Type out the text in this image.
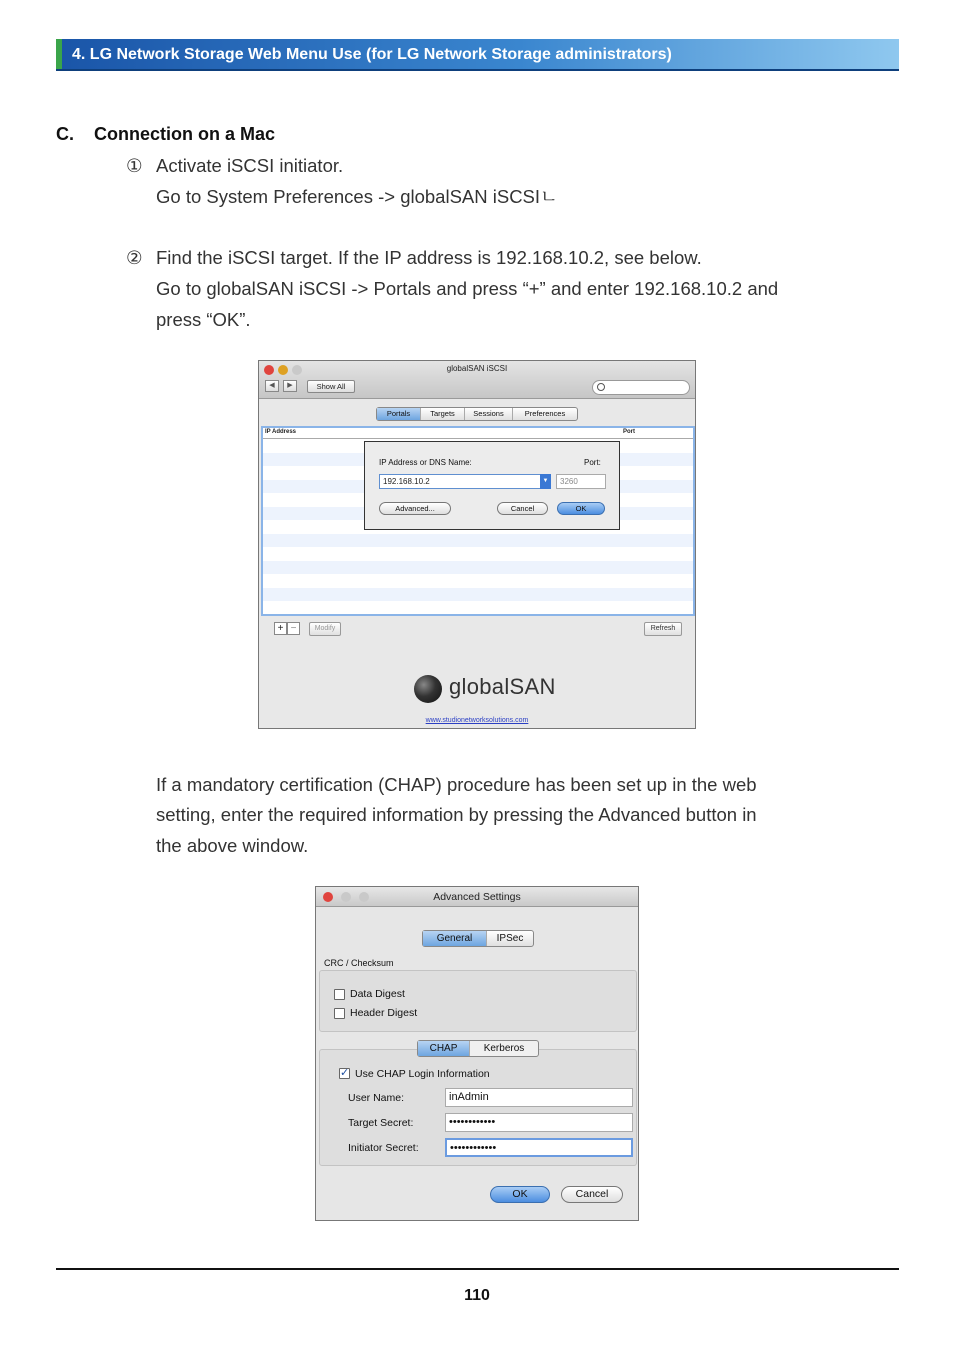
4. LG Network Storage Web Menu Use (for LG Network Storage administrators)
C. Connection on a Mac
① Activate iSCSI initiator.
Go to System Preferences -> globalSAN iSCSIㄴ
② Find the iSCSI target. If the IP address is 192.168.10.2, see below.
Go to globalSAN iSCSI -> Portals and press “+” and enter 192.168.10.2 and
press “OK”.
globalSAN iSCSI
◀	▶	Show All
Portals	Targets	Sessions	Preferences
IP Address	Port
IP Address or DNS Name:	Port:
192.168.10.2	▼	3260
Advanced...	Cancel	OK
+ −	Modify	Refresh
globalSAN
www.studionetworksolutions.com
If a mandatory certification (CHAP) procedure has been set up in the web
setting, enter the required information by pressing the Advanced button in
the above window.
Advanced Settings
General	IPSec
CRC / Checksum
Data Digest
Header Digest
✓
Use CHAP Login Information
User Name:	inAdmin
Target Secret:	••••••••••••
Initiator Secret:	••••••••••••
CHAP	Kerberos
OK	Cancel
110
